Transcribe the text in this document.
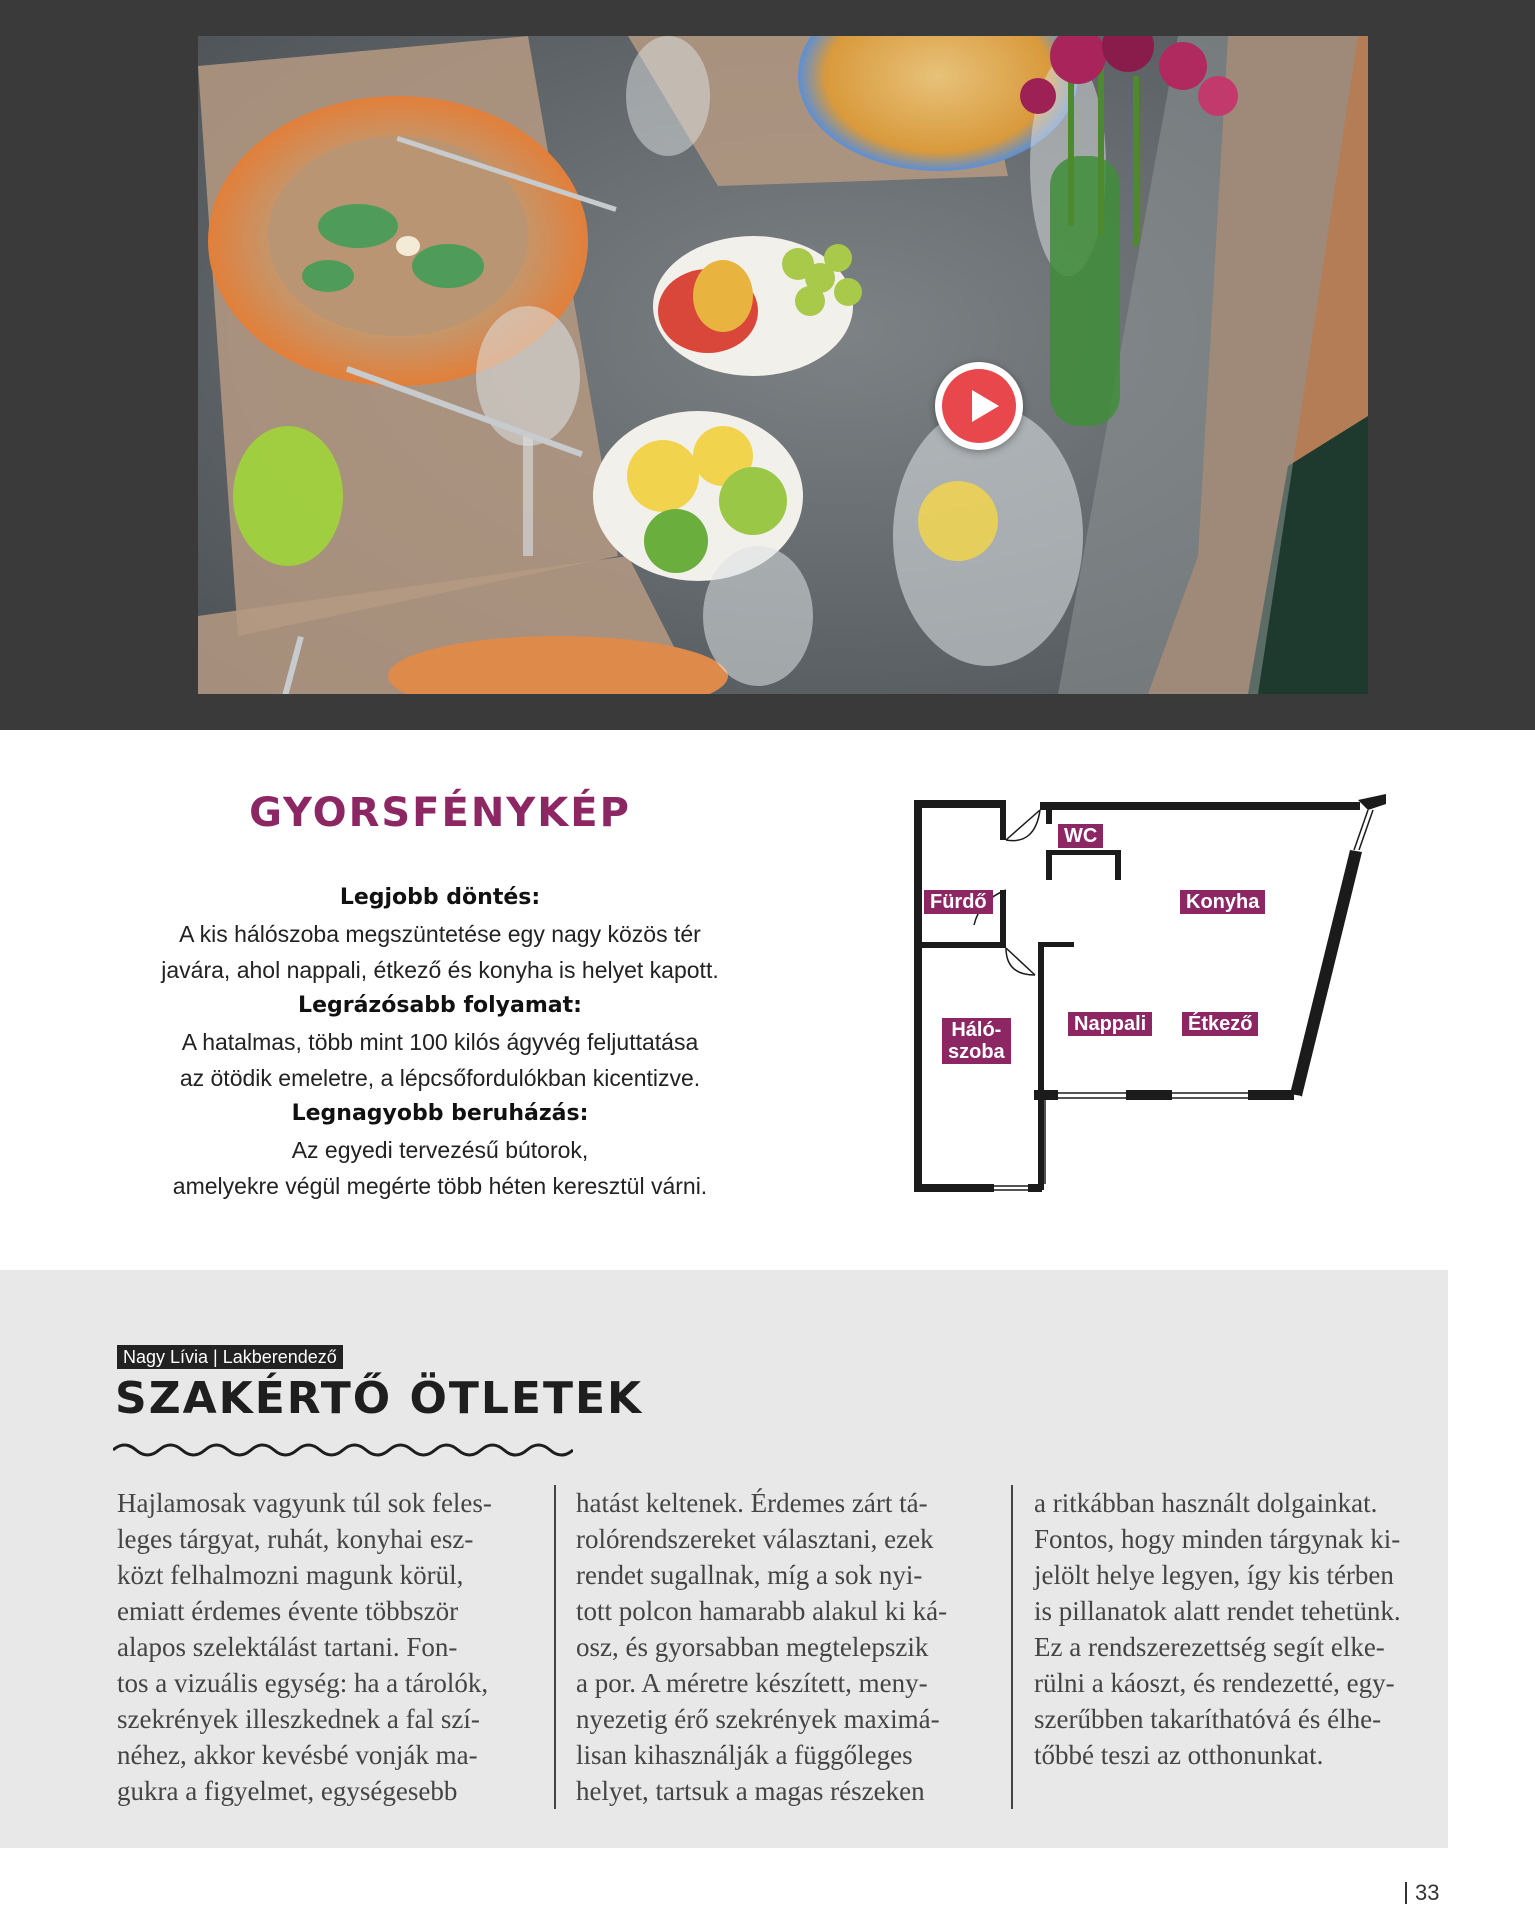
GYORSFÉNYKÉP
Legjobb döntés:
A kis hálószoba megszüntetése egy nagy közös tér
javára, ahol nappali, étkező és konyha is helyet kapott.
Legrázósabb folyamat:
A hatalmas, több mint 100 kilós ágyvég feljuttatása
az ötödik emeletre, a lépcsőfordulókban kicentizve.
Legnagyobb beruházás:
Az egyedi tervezésű bútorok,
amelyekre végül megérte több héten keresztül várni.
WC
Fürdő	Konyha
Háló-
szoba
Nappali	Étkező
Nagy Lívia | Lakberendező
SZAKÉRTŐ ÖTLETEK
Hajlamosak vagyunk túl sok feles-
leges tárgyat, ruhát, konyhai esz-
közt felhalmozni magunk körül,
emiatt érdemes évente többször
alapos szelektálást tartani. Fon-
tos a vizuális egység: ha a tárolók,
szekrények illeszkednek a fal szí-
néhez, akkor kevésbé vonják ma-
gukra a figyelmet, egységesebb
hatást keltenek. Érdemes zárt tá-
rolórendszereket választani, ezek
rendet sugallnak, míg a sok nyi-
tott polcon hamarabb alakul ki ká-
osz, és gyorsabban megtelepszik
a por. A méretre készített, meny-
nyezetig érő szekrények maximá-
lisan kihasználják a függőleges
helyet, tartsuk a magas részeken
a ritkábban használt dolgainkat.
Fontos, hogy minden tárgynak ki-
jelölt helye legyen, így kis térben
is pillanatok alatt rendet tehetünk.
Ez a rendszerezettség segít elke-
rülni a káoszt, és rendezetté, egy-
szerűbben takaríthatóvá és élhe-
tőbbé teszi az otthonunkat.
33
